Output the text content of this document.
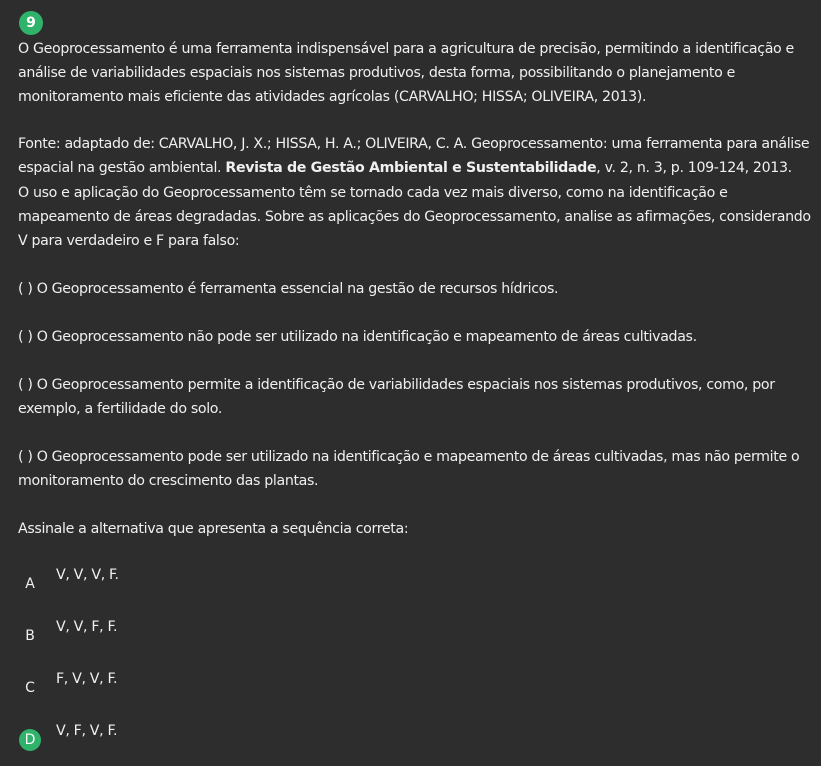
9

O Geoprocessamento é uma ferramenta indispensável para a agricultura de precisão, permitindo a identificação e análise de variabilidades espaciais nos sistemas produtivos, desta forma, possibilitando o planejamento e monitoramento mais eficiente das atividades agrícolas (CARVALHO; HISSA; OLIVEIRA, 2013).

Fonte: adaptado de: CARVALHO, J. X.; HISSA, H. A.; OLIVEIRA, C. A. Geoprocessamento: uma ferramenta para análise espacial na gestão ambiental. Revista de Gestão Ambiental e Sustentabilidade, v. 2, n. 3, p. 109-124, 2013.

O uso e aplicação do Geoprocessamento têm se tornado cada vez mais diverso, como na identificação e mapeamento de áreas degradadas. Sobre as aplicações do Geoprocessamento, analise as afirmações, considerando V para verdadeiro e F para falso:

( ) O Geoprocessamento é ferramenta essencial na gestão de recursos hídricos.

( ) O Geoprocessamento não pode ser utilizado na identificação e mapeamento de áreas cultivadas.

( ) O Geoprocessamento permite a identificação de variabilidades espaciais nos sistemas produtivos, como, por exemplo, a fertilidade do solo.

( ) O Geoprocessamento pode ser utilizado na identificação e mapeamento de áreas cultivadas, mas não permite o monitoramento do crescimento das plantas.

Assinale a alternativa que apresenta a sequência correta:

A
V, V, V, F.
B
V, V, F, F.
C
F, V, V, F.
D
V, F, V, F.
